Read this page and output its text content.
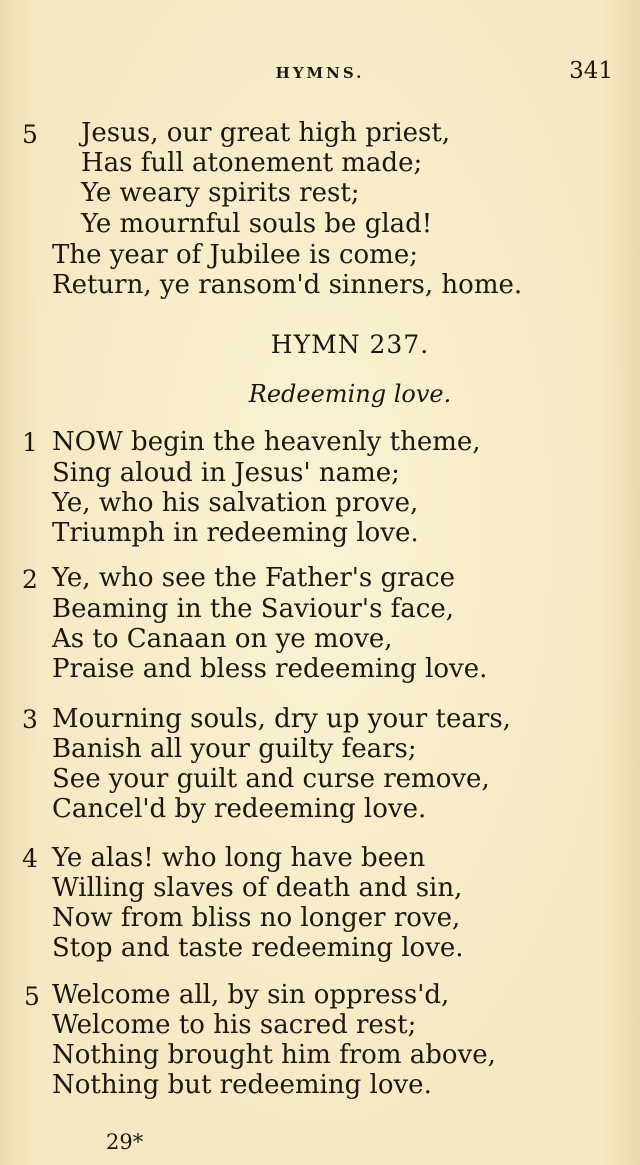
HYMNS.	341
5 Jesus, our great high priest,
Has full atonement made;
Ye weary spirits rest;
Ye mournful souls be glad!
The year of Jubilee is come;
Return, ye ransom'd sinners, home.
HYMN 237.
Redeeming love.
1 NOW begin the heavenly theme,
Sing aloud in Jesus' name;
Ye, who his salvation prove,
Triumph in redeeming love.
2 Ye, who see the Father's grace
Beaming in the Saviour's face,
As to Canaan on ye move,
Praise and bless redeeming love.
3 Mourning souls, dry up your tears,
Banish all your guilty fears;
See your guilt and curse remove,
Cancel'd by redeeming love.
4 Ye alas! who long have been
Willing slaves of death and sin,
Now from bliss no longer rove,
Stop and taste redeeming love.
5 Welcome all, by sin oppress'd,
Welcome to his sacred rest;
Nothing brought him from above,
Nothing but redeeming love.
29*
